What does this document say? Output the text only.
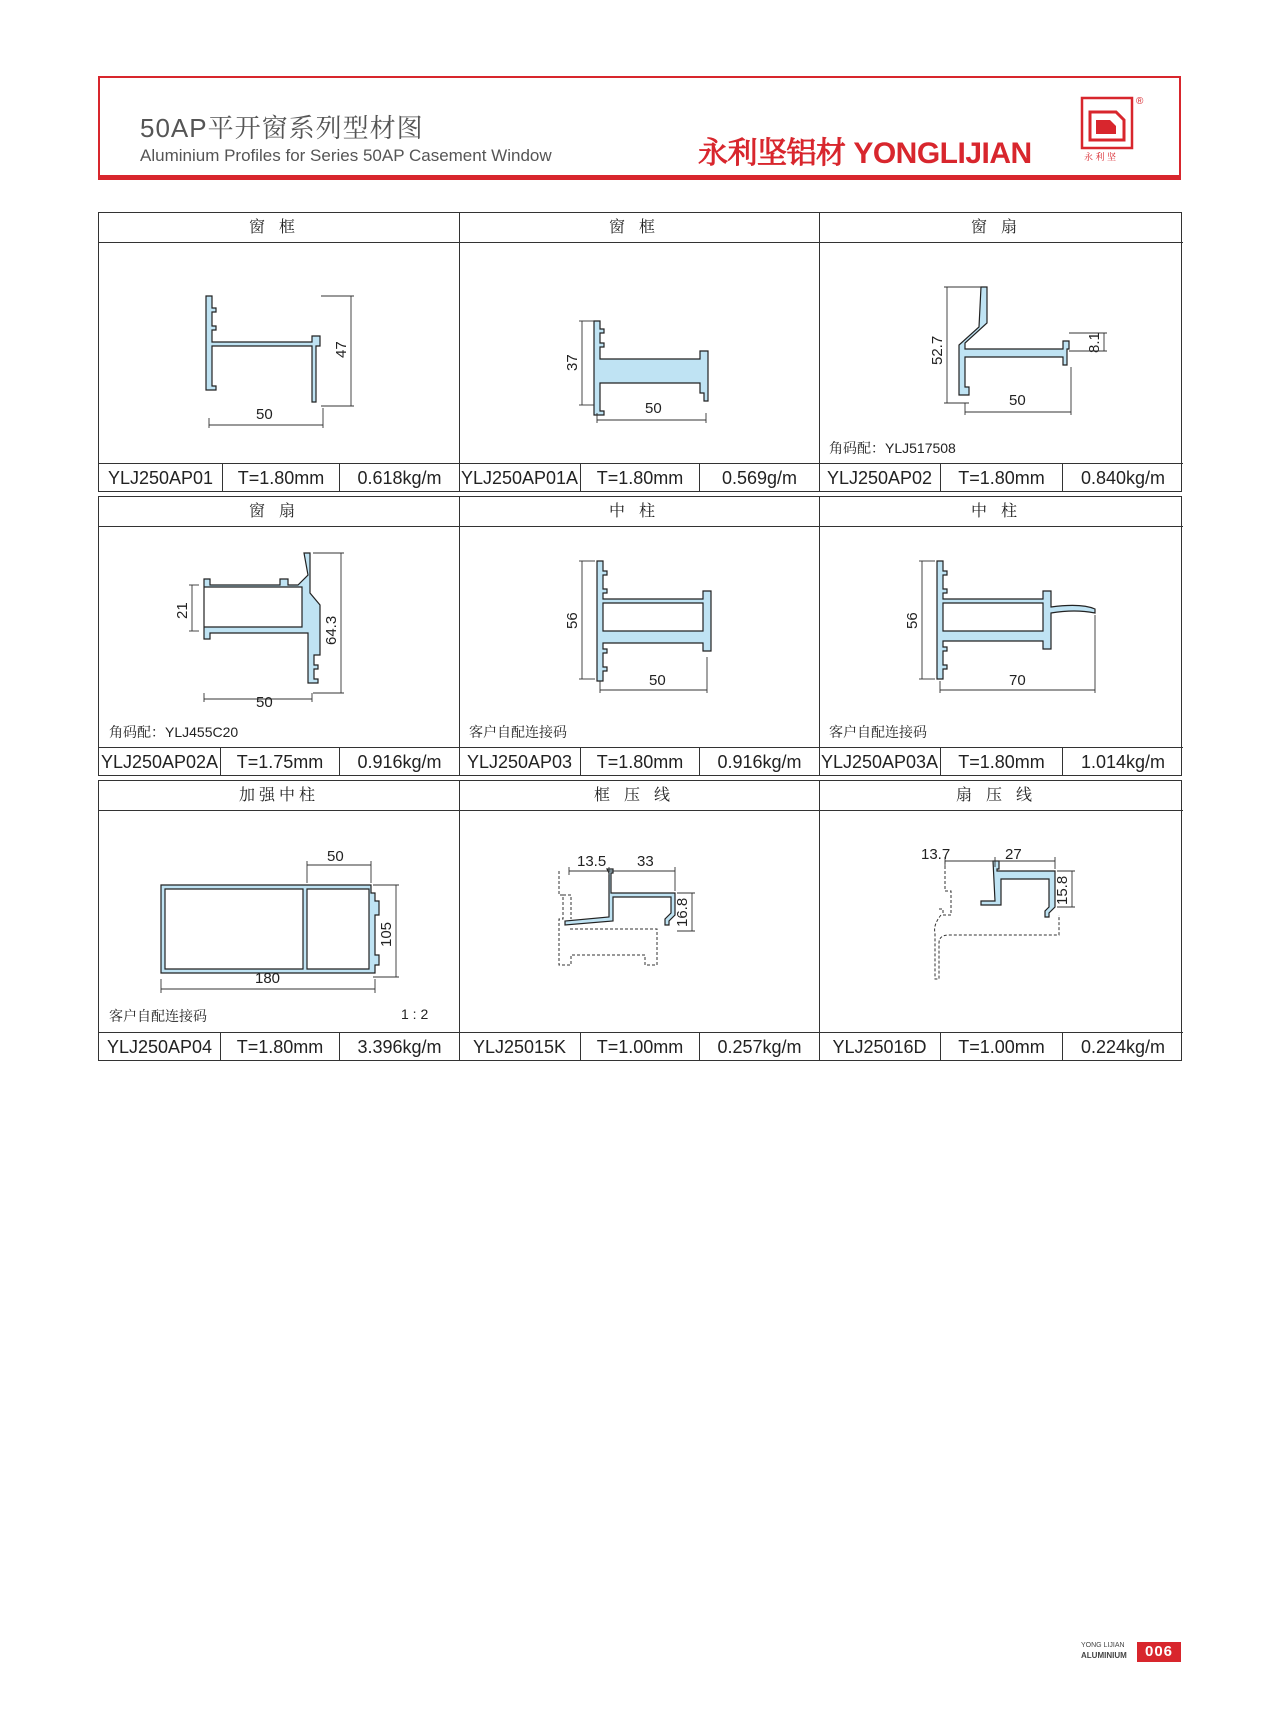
50AP平开窗系列型材图
Aluminium Profiles for Series 50AP Casement Window	永利坚铝材 YONGLIJIAN
®
永 利 坚
窗框
50
47
YLJ250AP01	T=1.80mm	0.618kg/m
窗框
50
37
YLJ250AP01A	T=1.80mm	0.569g/m
窗扇
52.7	8.1
50
角码配：YLJ517508
YLJ250AP02	T=1.80mm	0.840kg/m
窗扇
50
21
64.3
角码配：YLJ455C20
YLJ250AP02A	T=1.75mm	0.916kg/m
中柱
56
50
客户自配连接码
YLJ250AP03	T=1.80mm	0.916kg/m
中柱
56
70
客户自配连接码
YLJ250AP03A	T=1.80mm	1.014kg/m
加强中柱
50
180
105
客户自配连接码	1 : 2
YLJ250AP04	T=1.80mm	3.396kg/m
框压线
13.5 33
16.8
YLJ25015K	T=1.00mm	0.257kg/m
扇压线
13.7	27
15.8
YLJ25016D	T=1.00mm	0.224kg/m
YONG LIJIAN
ALUMINIUM	006
